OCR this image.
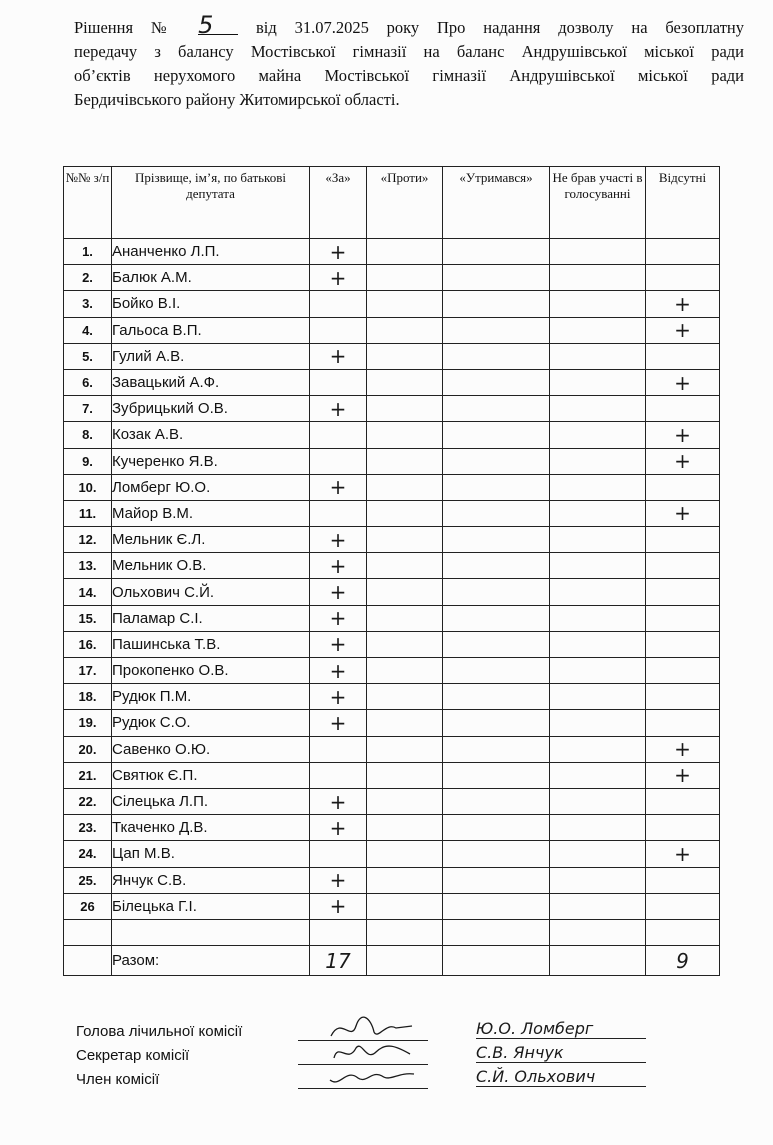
Рішення № 5	від 31.07.2025 року Про надання дозволу на безоплатну
передачу з балансу Мостівської гімназії на баланс Андрушівської міської ради
об’єктів нерухомого майна Мостівської гімназії Андрушівської міської ради
Бердичівського району Житомирської області.
№№ з/п	Прізвище, ім’я, по батькові депутата	«За»	«Проти»	«Утримався»	Не брав участі в голосуванні	Відсутні
1.	Ананченко Л.П.	+				
2.	Балюк А.М.	+				
3.	Бойко В.І.					+
4.	Гальоса В.П.					+
5.	Гулий А.В.	+				
6.	Завацький А.Ф.					+
7.	Зубрицький О.В.	+				
8.	Козак А.В.					+
9.	Кучеренко Я.В.					+
10.	Ломберг Ю.О.	+				
11.	Майор В.М.					+
12.	Мельник Є.Л.	+				
13.	Мельник О.В.	+				
14.	Ольхович С.Й.	+				
15.	Паламар С.І.	+				
16.	Пашинська Т.В.	+				
17.	Прокопенко О.В.	+				
18.	Рудюк П.М.	+				
19.	Рудюк С.О.	+				
20.	Савенко О.Ю.					+
21.	Святюк Є.П.					+
22.	Сілецька Л.П.	+				
23.	Ткаченко Д.В.	+				
24.	Цап М.В.					+
25.	Янчук С.В.	+				
26	Білецька Г.І.	+				

	Разом:	17				9
Голова лічильної комісії	Ю.О. Ломберг
Секретар комісії	С.В. Янчук
Член комісії	С.Й. Ольхович
